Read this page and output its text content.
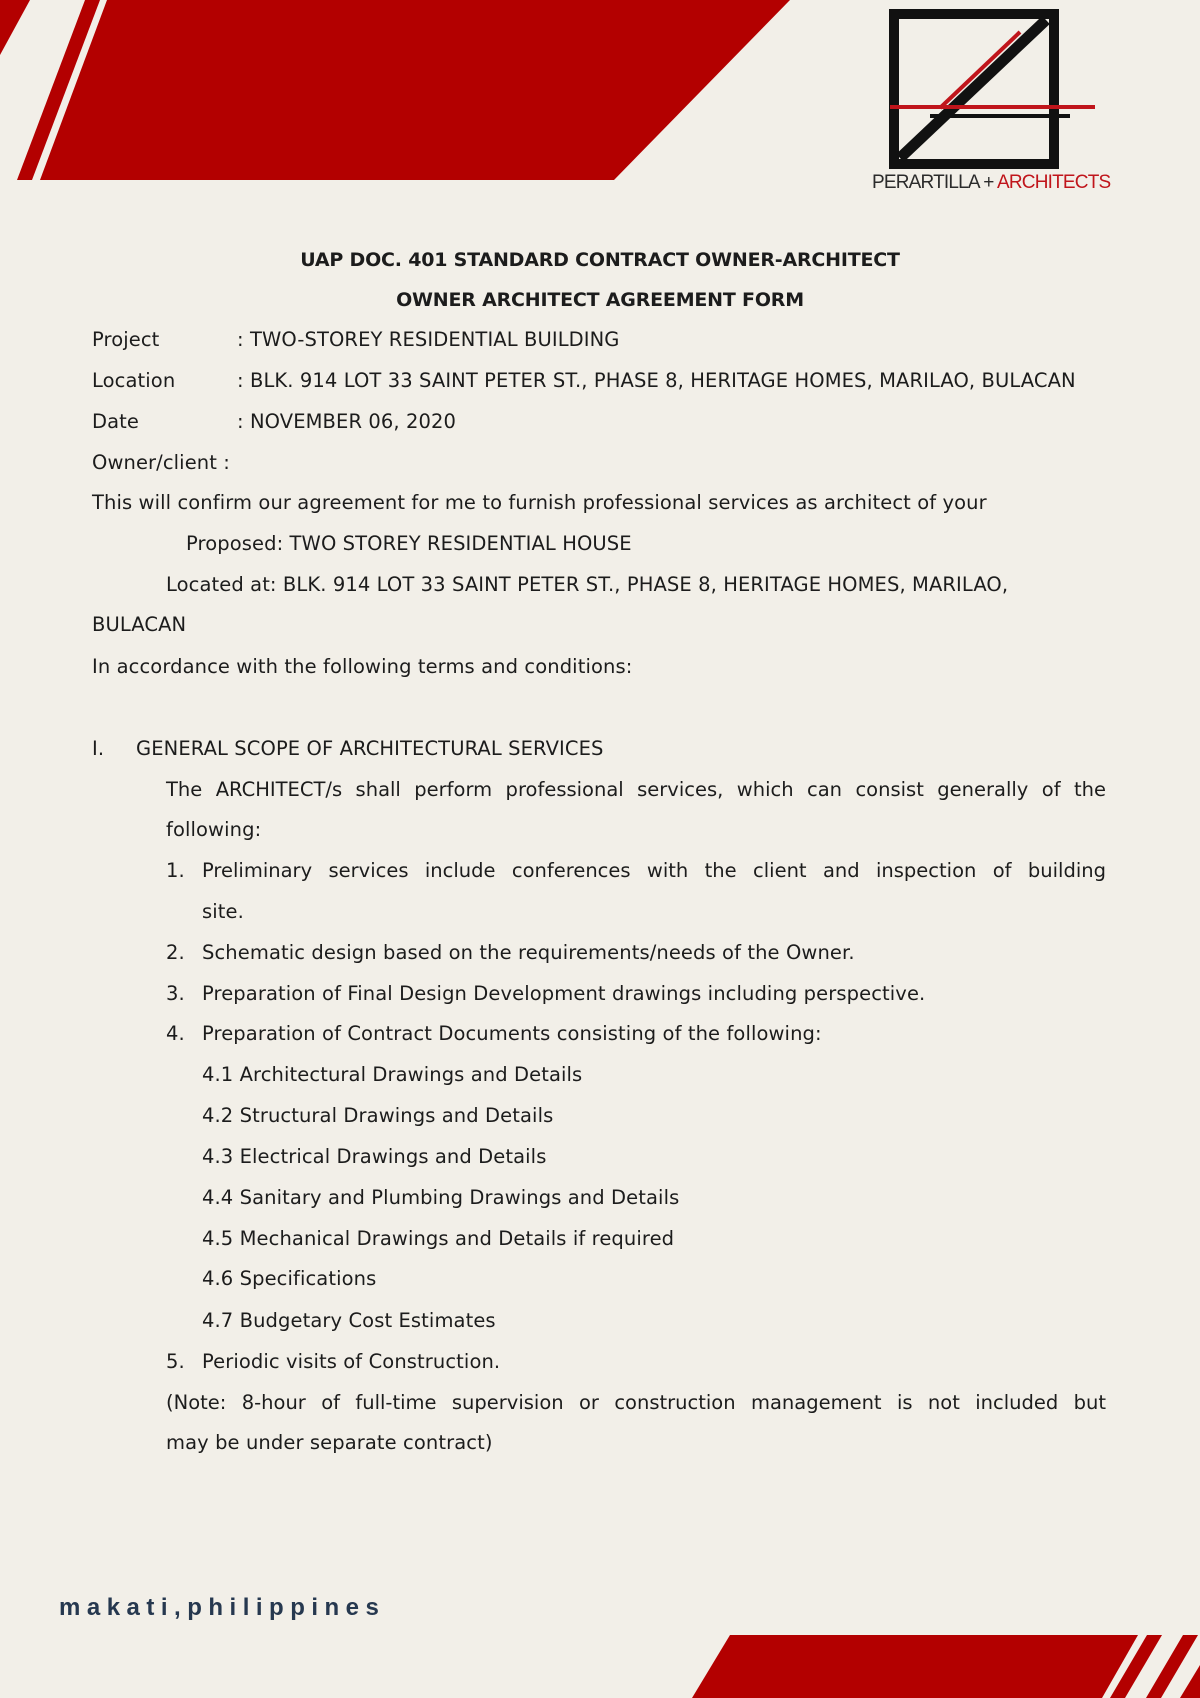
PERARTILLA + ARCHITECTS
UAP DOC. 401 STANDARD CONTRACT OWNER-ARCHITECT
OWNER ARCHITECT AGREEMENT FORM
Project	: TWO-STOREY RESIDENTIAL BUILDING
Location	: BLK. 914 LOT 33 SAINT PETER ST., PHASE 8, HERITAGE HOMES, MARILAO, BULACAN
Date	: NOVEMBER 06, 2020
Owner/client :
This will confirm our agreement for me to furnish professional services as architect of your
Proposed: TWO STOREY RESIDENTIAL HOUSE
Located at: BLK. 914 LOT 33 SAINT PETER ST., PHASE 8, HERITAGE HOMES, MARILAO,
BULACAN
In accordance with the following terms and conditions:
I. GENERAL SCOPE OF ARCHITECTURAL SERVICES
The ARCHITECT/s shall perform professional services, which can consist generally of the
following:
1. Preliminary services include conferences with the client and inspection of building
site.
2. Schematic design based on the requirements/needs of the Owner.
3. Preparation of Final Design Development drawings including perspective.
4. Preparation of Contract Documents consisting of the following:
4.1 Architectural Drawings and Details
4.2 Structural Drawings and Details
4.3 Electrical Drawings and Details
4.4 Sanitary and Plumbing Drawings and Details
4.5 Mechanical Drawings and Details if required
4.6 Specifications
4.7 Budgetary Cost Estimates
5. Periodic visits of Construction.
(Note: 8-hour of full-time supervision or construction management is not included but
may be under separate contract)
makati,philippines
